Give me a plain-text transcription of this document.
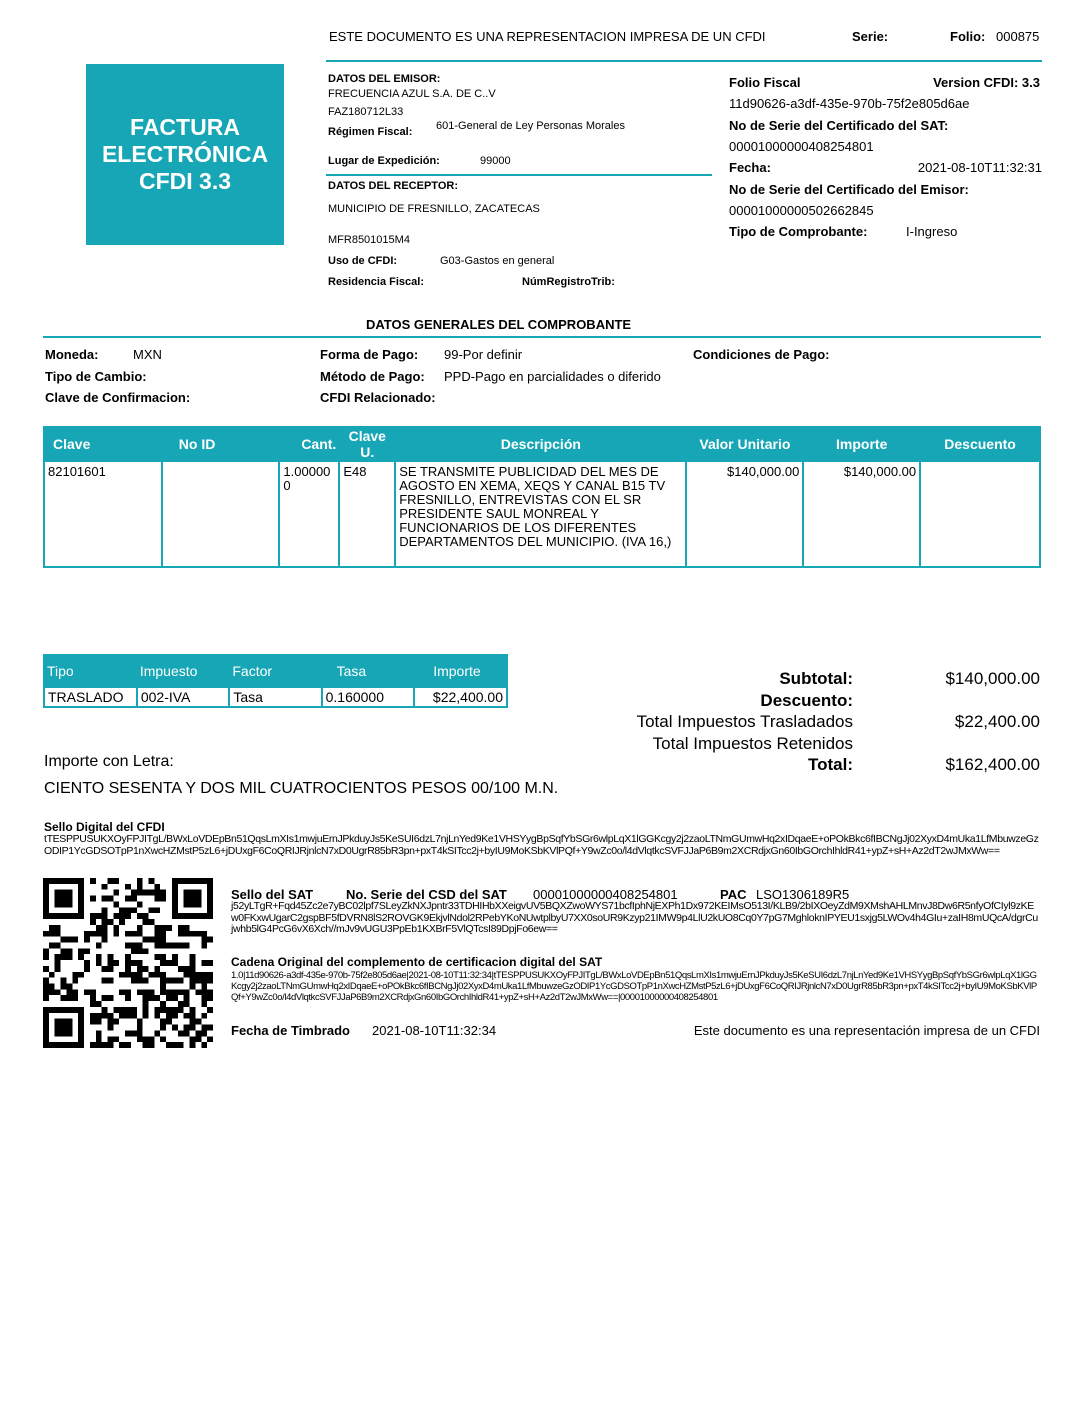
ESTE DOCUMENTO ES UNA REPRESENTACION IMPRESA DE UN CFDI	Serie:	Folio: 000875
FACTURA
ELECTRÓNICA
CFDI 3.3
DATOS DEL EMISOR:
FRECUENCIA AZUL S.A. DE C..V
FAZ180712L33
Régimen Fiscal: 601-General de Ley Personas Morales
Lugar de Expedición:	99000
DATOS DEL RECEPTOR:
MUNICIPIO DE FRESNILLO, ZACATECAS
MFR8501015M4
Uso de CFDI:	G03-Gastos en general
Residencia Fiscal:	NúmRegistroTrib:
Folio Fiscal	Version CFDI: 3.3
11d90626-a3df-435e-970b-75f2e805d6ae
No de Serie del Certificado del SAT:
00001000000408254801
Fecha:	2021-08-10T11:32:31
No de Serie del Certificado del Emisor:
00001000000502662845
Tipo de Comprobante:	I-Ingreso
DATOS GENERALES DEL COMPROBANTE
Moneda:	MXN	Forma de Pago: 99-Por definir	Condiciones de Pago:
Tipo de Cambio:	Método de Pago: PPD-Pago en parcialidades o diferido
Clave de Confirmacion:	CFDI Relacionado:
Clave	No ID	Cant.	Clave U.	Descripción	Valor Unitario	Importe	Descuento
82101601		1.000000	E48	SE TRANSMITE PUBLICIDAD DEL MES DE AGOSTO EN XEMA, XEQS Y CANAL B15 TV FRESNILLO, ENTREVISTAS CON EL SR PRESIDENTE SAUL MONREAL Y FUNCIONARIOS DE LOS DIFERENTES DEPARTAMENTOS DEL MUNICIPIO. (IVA 16,)	$140,000.00	$140,000.00	
Tipo	Impuesto	Factor	Tasa	Importe
TRASLADO	002-IVA	Tasa	0.160000	$22,400.00
Subtotal:	$140,000.00
Descuento:
Total Impuestos Trasladados	$22,400.00
Total Impuestos Retenidos
Total:	$162,400.00
Importe con Letra:
CIENTO SESENTA Y DOS MIL CUATROCIENTOS PESOS 00/100 M.N.
Sello Digital del CFDI
tTESPPUSUKXOyFPJITgL/BWxLoVDEpBn51QqsLmXIs1mwjuErnJPkduyJs5KeSUI6dzL7njLnYed9Ke1VHSYygBpSqfYbSGr6wlpLqX1lGGKcgy2j2zaoLTNmGUmwHq2xIDqaeE+oPOkBkc6fIBCNgJj02XyxD4mUka1LfMbuwzeGzODIP1YcGDSOTpP1nXwcHZMstP5zL6+jDUxgF6CoQRIJRjnlcN7xD0UgrR85bR3pn+pxT4kSITcc2j+byIU9MoKSbKVlPQf+Y9wZc0o/l4dVlqtkcSVFJJaP6B9m2XCRdjxGn60IbGOrchIhldR41+ypZ+sH+Az2dT2wJMxWw==
Sello del SAT	No. Serie del CSD del SAT 00001000000408254801	PAC LSO1306189R5
j52yLTgR+Fqd45Zc2e7yBC02lpf7SLeyZkNXJpntr33TDHIHbXXeigvUV5BQXZwoWYS71bcfIphNjEXPh1Dx972KEIMsO513I/KLB9/2bIXOeyZdM9XMshAHLMnvJ8Dw6R5nfyOfCIyl9zKEw0FKxwUgarC2gspBF5fDVRN8lS2ROVGK9EkjvlNdol2RPebYKoNUwtplbyU7XX0soUR9Kzyp21IMW9p4LlU2kUO8Cq0Y7pG7MghloknIPYEU1sxjg5LWOv4h4GIu+zaIH8mUQcA/dgrCujwhb5lG4PcG6vX6Xch//mJv9vUGU3PpEb1KXBrF5VlQTcsI89DpjFo6ew==
Cadena Original del complemento de certificacion digital del SAT
1.0|11d90626-a3df-435e-970b-75f2e805d6ae|2021-08-10T11:32:34|tTESPPUSUKXOyFPJITgL/BWxLoVDEpBn51QqsLmXIs1mwjuErnJPkduyJs5KeSUI6dzL7njLnYed9Ke1VHSYygBpSqfYbSGr6wlpLqX1lGGKcgy2j2zaoLTNmGUmwHq2xIDqaeE+oPOkBkc6fIBCNgJj02XyxD4mUka1LfMbuwzeGzODIP1YcGDSOTpP1nXwcHZMstP5zL6+jDUxgF6CoQRIJRjnlcN7xD0UgrR85bR3pn+pxT4kSITcc2j+byIU9MoKSbKVlPQf+Y9wZc0o/l4dVlqtkcSVFJJaP6B9m2XCRdjxGn60IbGOrchIhldR41+ypZ+sH+Az2dT2wJMxWw==|00001000000408254801
Fecha de Timbrado 2021-08-10T11:32:34	Este documento es una representación impresa de un CFDI
